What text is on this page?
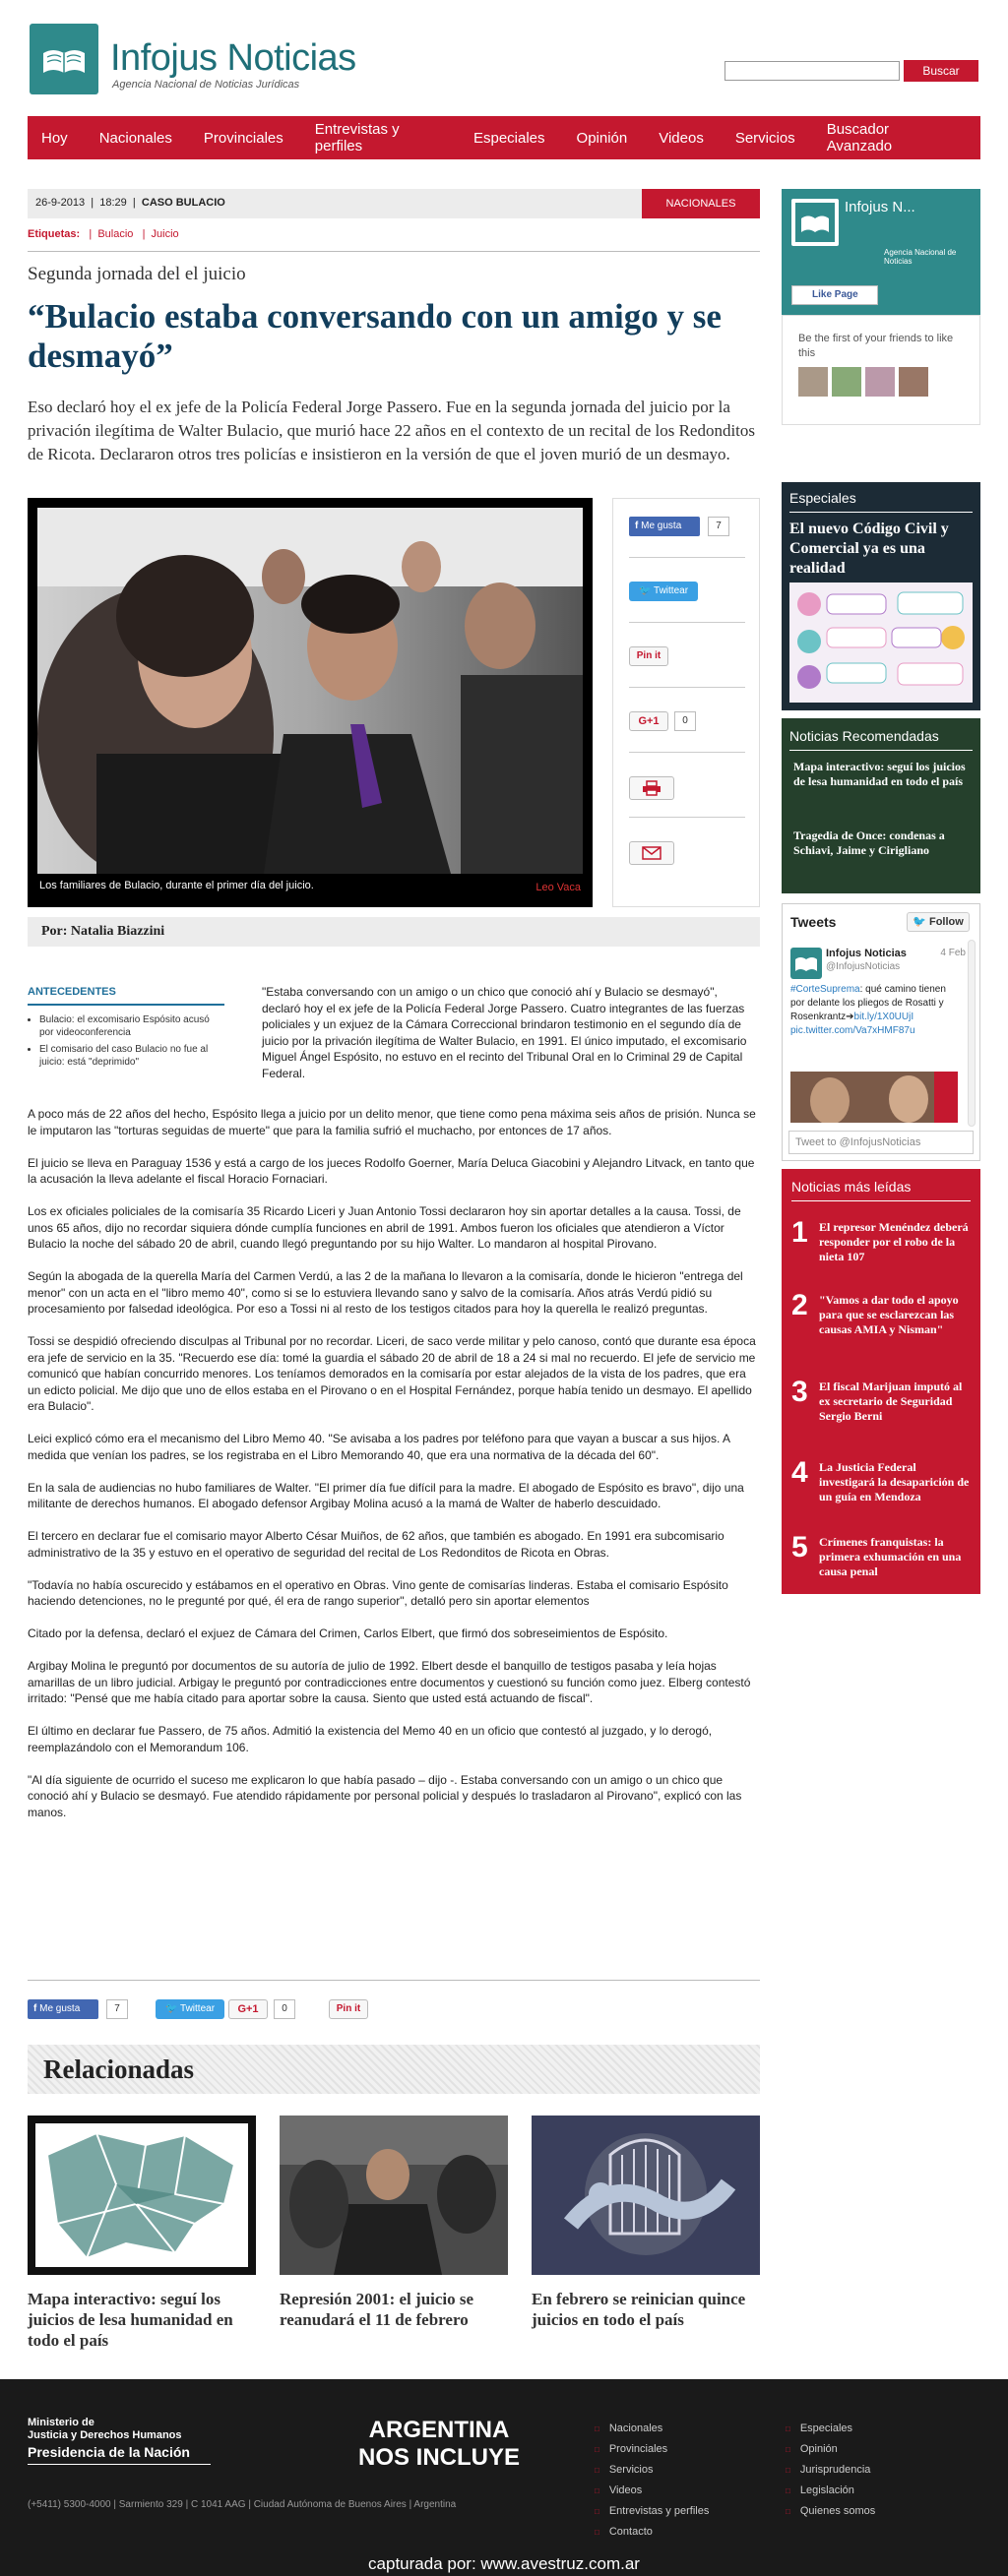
Infojus Noticias
Agencia Nacional de Noticias Jurídicas
Buscar
Hoy Nacionales Provinciales Entrevistas y perfiles	Especiales Opinión Videos Servicios Buscador Avanzado
26-9-2013  |  18:29  |  CASO BULACIO	NACIONALES
Etiquetas:   |  Bulacio   |  Juicio
Segunda jornada del el juicio
“Bulacio estaba conversando con un amigo y se desmayó”

Eso declaró hoy el ex jefe de la Policía Federal Jorge Passero. Fue en la segunda jornada del juicio por la privación ilegítima de Walter Bulacio, que murió hace 22 años en el contexto de un recital de los Redonditos de Ricota. Declararon otros tres policías e insistieron en la versión de que el joven murió de un desmayo.

Los familiares de Bulacio, durante el primer día del juicio.	Leo Vaca
f Me gusta	7
🐦 Twittear
Pin it
G+1	0
Por: Natalia Biazzini
ANTECEDENTES
• Bulacio: el excomisario Espósito acusó por videoconferencia
• El comisario del caso Bulacio no fue al juicio: está "deprimido"

"Estaba conversando con un amigo o un chico que conoció ahí y Bulacio se desmayó", declaró hoy el ex jefe de la Policía Federal Jorge Passero. Cuatro integrantes de las fuerzas policiales y un exjuez de la Cámara Correccional brindaron testimonio en el segundo día de juicio por la privación ilegítima de Walter Bulacio, en 1991. El único imputado, el excomisario Miguel Ángel Espósito, no estuvo en el recinto del Tribunal Oral en lo Criminal 29 de Capital Federal.

A poco más de 22 años del hecho, Espósito llega a juicio por un delito menor, que tiene como pena máxima seis años de prisión. Nunca se le imputaron las "torturas seguidas de muerte" que para la familia sufrió el muchacho, por entonces de 17 años.

El juicio se lleva en Paraguay 1536 y está a cargo de los jueces Rodolfo Goerner, María Deluca Giacobini y Alejandro Litvack, en tanto que la acusación la lleva adelante el fiscal Horacio Fornaciari.

Los ex oficiales policiales de la comisaría 35 Ricardo Liceri y Juan Antonio Tossi declararon hoy sin aportar detalles a la causa. Tossi, de unos 65 años, dijo no recordar siquiera dónde cumplía funciones en abril de 1991. Ambos fueron los oficiales que atendieron a Víctor Bulacio la noche del sábado 20 de abril, cuando llegó preguntando por su hijo Walter. Lo mandaron al hospital Pirovano.

Según la abogada de la querella María del Carmen Verdú, a las 2 de la mañana lo llevaron a la comisaría, donde le hicieron "entrega del menor" con un acta en el "libro memo 40", como si se lo estuviera llevando sano y salvo de la comisaría. Años atrás Verdú pidió su procesamiento por falsedad ideológica. Por eso a Tossi ni al resto de los testigos citados para hoy la querella le realizó preguntas.

Tossi se despidió ofreciendo disculpas al Tribunal por no recordar. Liceri, de saco verde militar y pelo canoso, contó que durante esa época era jefe de servicio en la 35. "Recuerdo ese día: tomé la guardia el sábado 20 de abril de 18 a 24 si mal no recuerdo. El jefe de servicio me comunicó que habían concurrido menores. Los teníamos demorados en la comisaría por estar alejados de la vista de los padres, que era un edicto policial. Me dijo que uno de ellos estaba en el Pirovano o en el Hospital Fernández, porque había tenido un desmayo. El apellido era Bulacio".

Leici explicó cómo era el mecanismo del Libro Memo 40. "Se avisaba a los padres por teléfono para que vayan a buscar a sus hijos. A medida que venían los padres, se los registraba en el Libro Memorando 40, que era una normativa de la década del 60".

En la sala de audiencias no hubo familiares de Walter. "El primer día fue difícil para la madre. El abogado de Espósito es bravo", dijo una militante de derechos humanos. El abogado defensor Argibay Molina acusó a la mamá de Walter de haberlo descuidado.

El tercero en declarar fue el comisario mayor Alberto César Muiños, de 62 años, que también es abogado. En 1991 era subcomisario administrativo de la 35 y estuvo en el operativo de seguridad del recital de Los Redonditos de Ricota en Obras.

"Todavía no había oscurecido y estábamos en el operativo en Obras. Vino gente de comisarías linderas. Estaba el comisario Espósito haciendo detenciones, no le pregunté por qué, él era de rango superior", detalló pero sin aportar elementos

Citado por la defensa, declaró el exjuez de Cámara del Crimen, Carlos Elbert, que firmó dos sobreseimientos de Espósito.

Argibay Molina le preguntó por documentos de su autoría de julio de 1992. Elbert desde el banquillo de testigos pasaba y leía hojas amarillas de un libro judicial. Arbigay le preguntó por contradicciones entre documentos y cuestionó su función como juez. Elberg contestó irritado: "Pensé que me había citado para aportar sobre la causa. Siento que usted está actuando de fiscal".

El último en declarar fue Passero, de 75 años. Admitió la existencia del Memo 40 en un oficio que contestó al juzgado, y lo derogó, reemplazándolo con el Memorandum 106.

"Al día siguiente de ocurrido el suceso me explicaron lo que había pasado – dijo -. Estaba conversando con un amigo o un chico que conoció ahí y Bulacio se desmayó. Fue atendido rápidamente por personal policial y después lo trasladaron al Pirovano", explicó con las manos.

f Me gusta	7	🐦 Twittear	G+1	0	Pin it
Relacionadas
Mapa interactivo: seguí los juicios de lesa humanidad en todo el país
Represión 2001: el juicio se reanudará el 11 de febrero
En febrero se reinician quince juicios en todo el país
Infojus N...
Agencia Nacional de Noticias
Like Page
Be the first of your friends to like this
Especiales
El nuevo Código Civil y Comercial ya es una realidad
Noticias Recomendadas
Mapa interactivo: seguí los juicios de lesa humanidad en todo el país
Tragedia de Once: condenas a Schiavi, Jaime y Cirigliano
Tweets	🐦 Follow
Infojus Noticias
@InfojusNoticias
4 Feb
#CorteSuprema: qué camino tienen por delante los pliegos de Rosatti y Rosenkrantz➔bit.ly/1X0UUjI pic.twitter.com/Va7xHMF87u
Tweet to @InfojusNoticias
Noticias más leídas
1 El represor Menéndez deberá responder por el robo de la nieta 107
2 "Vamos a dar todo el apoyo para que se esclarezcan las causas AMIA y Nisman"
3 El fiscal Marijuan imputó al ex secretario de Seguridad Sergio Berni
4 La Justicia Federal investigará la desaparición de un guía en Mendoza
5 Crímenes franquistas: la primera exhumación en una causa penal
Ministerio de
Justicia y Derechos Humanos
Presidencia de la Nación
(+5411) 5300-4000 | Sarmiento 329 | C 1041 AAG | Ciudad Autónoma de Buenos Aires | Argentina
ARGENTINA
NOS INCLUYE
□ Nacionales
□ Provinciales
□ Servicios
□ Videos
□ Entrevistas y perfiles
□ Contacto
□ Especiales
□ Opinión
□ Jurisprudencia
□ Legislación
□ Quienes somos
capturada por: www.avestruz.com.ar
